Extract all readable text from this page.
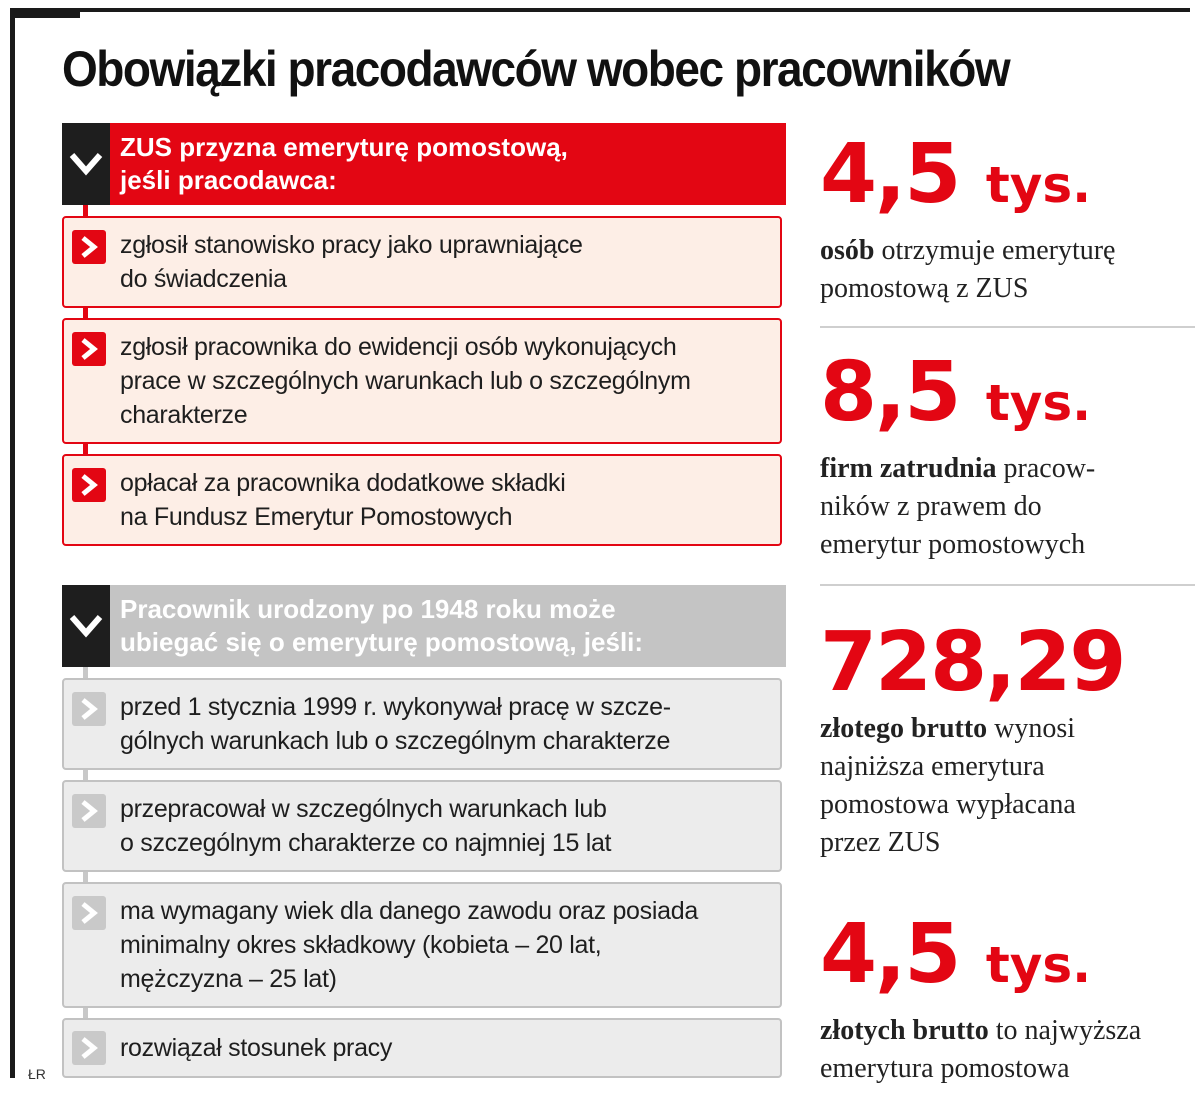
Obowiązki pracodawców wobec pracowników
ZUS przyzna emeryturę pomostową,
jeśli pracodawca:
zgłosił stanowisko pracy jako uprawniające
do świadczenia
zgłosił pracownika do ewidencji osób wykonujących
prace w szczególnych warunkach lub o szczególnym
charakterze
opłacał za pracownika dodatkowe składki
na Fundusz Emerytur Pomostowych
Pracownik urodzony po 1948 roku może
ubiegać się o emeryturę pomostową, jeśli:
przed 1 stycznia 1999 r. wykonywał pracę w szcze-
gólnych warunkach lub o szczególnym charakterze
przepracował w szczególnych warunkach lub
o szczególnym charakterze co najmniej 15 lat
ma wymagany wiek dla danego zawodu oraz posiada
minimalny okres składkowy (kobieta – 20 lat,
mężczyzna – 25 lat)
rozwiązał stosunek pracy
4,5 tys.
osób otrzymuje emeryturę
pomostową z ZUS
8,5 tys.
firm zatrudnia pracow-
ników z prawem do
emerytur pomostowych
728,29
złotego brutto wynosi
najniższa emerytura
pomostowa wypłacana
przez ZUS
4,5 tys.
złotych brutto to najwyższa
emerytura pomostowa
ŁR
